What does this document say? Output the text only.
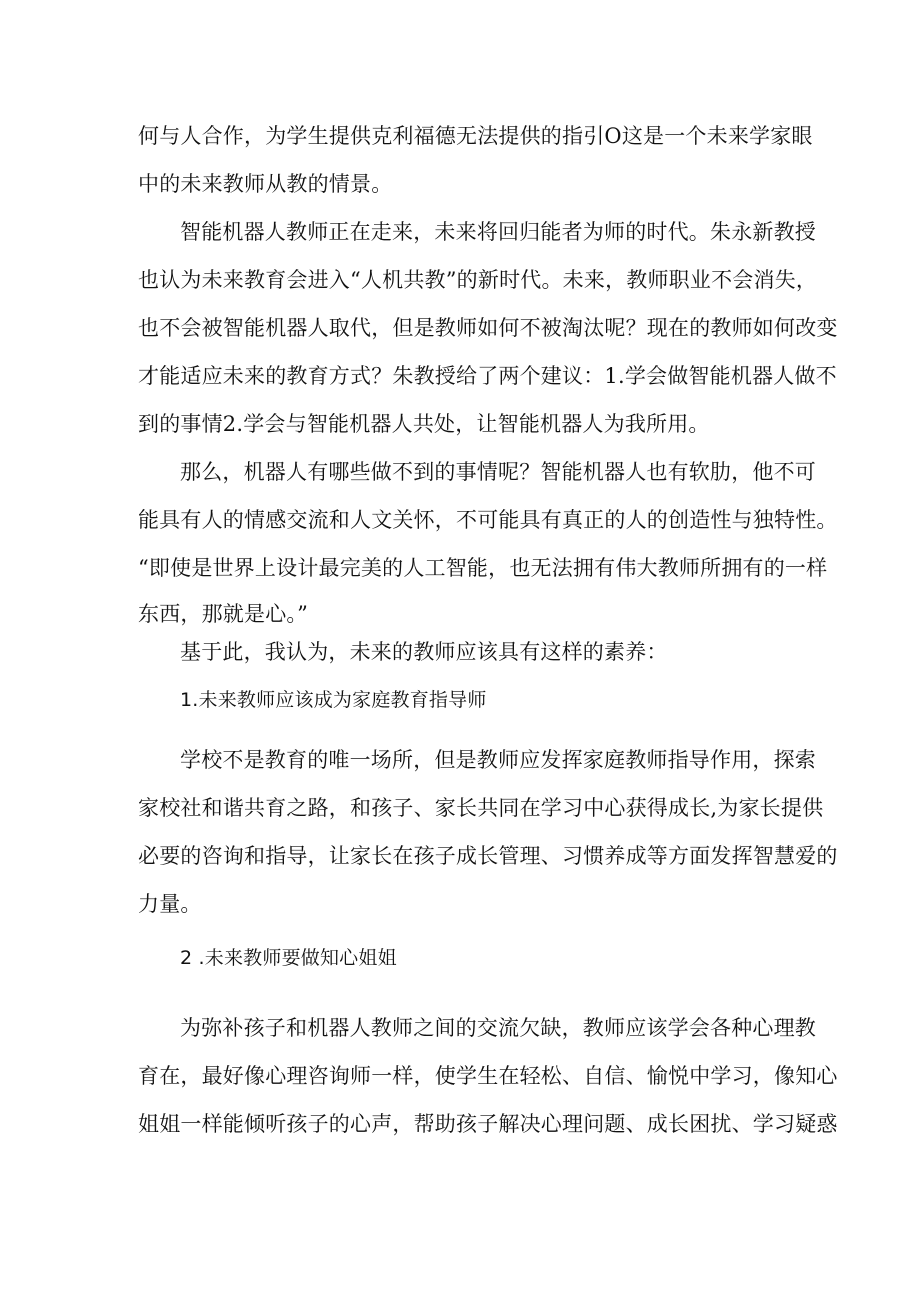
何与人合作，为学生提供克利福德无法提供的指引O这是一个未来学家眼
中的未来教师从教的情景。
智能机器人教师正在走来，未来将回归能者为师的时代。朱永新教授
也认为未来教育会进入“人机共教”的新时代。未来，教师职业不会消失，
也不会被智能机器人取代，但是教师如何不被淘汰呢？现在的教师如何改变
才能适应未来的教育方式？朱教授给了两个建议：1.学会做智能机器人做不
到的事情2.学会与智能机器人共处，让智能机器人为我所用。
那么，机器人有哪些做不到的事情呢？智能机器人也有软肋，他不可
能具有人的情感交流和人文关怀，不可能具有真正的人的创造性与独特性。
“即使是世界上设计最完美的人工智能，也无法拥有伟大教师所拥有的一样
东西，那就是心。”
基于此，我认为，未来的教师应该具有这样的素养：
1.未来教师应该成为家庭教育指导师
学校不是教育的唯一场所，但是教师应发挥家庭教师指导作用，探索
家校社和谐共育之路，和孩子、家长共同在学习中心获得成长,为家长提供
必要的咨询和指导，让家长在孩子成长管理、习惯养成等方面发挥智慧爱的
力量。
2 .未来教师要做知心姐姐
为弥补孩子和机器人教师之间的交流欠缺，教师应该学会各种心理教
育在，最好像心理咨询师一样，使学生在轻松、自信、愉悦中学习，像知心
姐姐一样能倾听孩子的心声，帮助孩子解决心理问题、成长困扰、学习疑惑
